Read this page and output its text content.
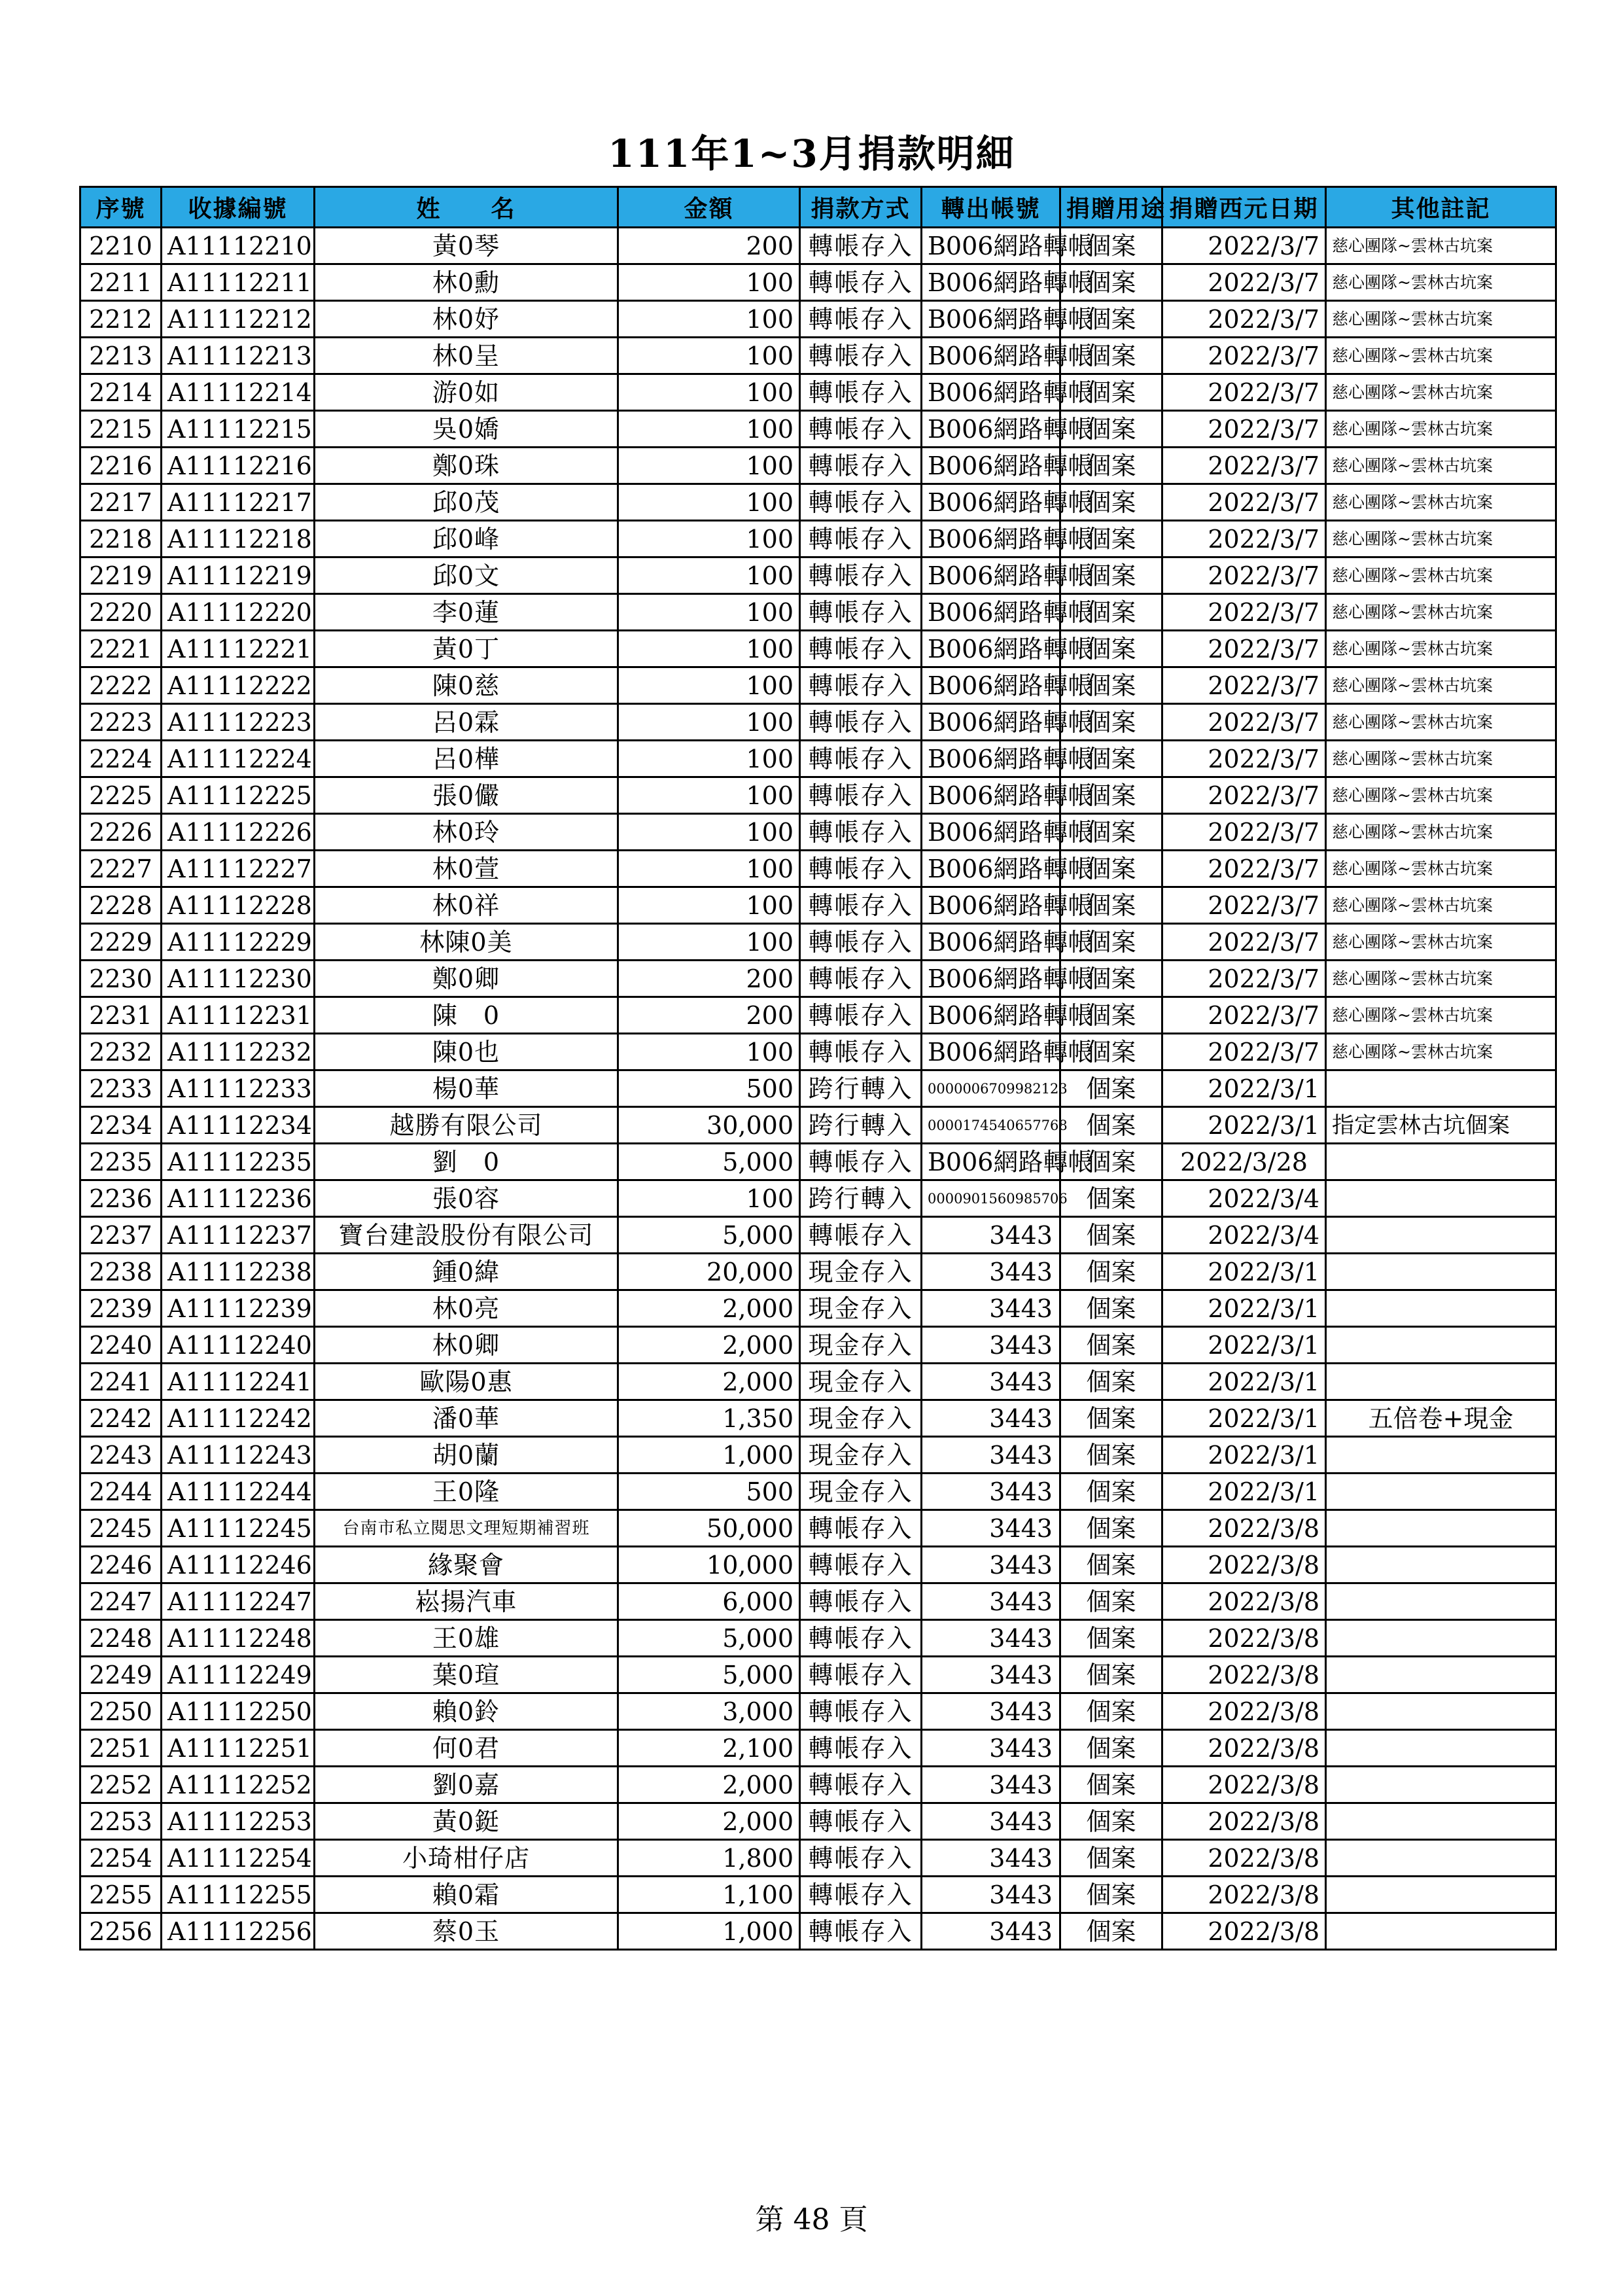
111年1~3月捐款明細
序號	收據編號	姓　　名	金額	捐款方式	轉出帳號	捐贈用途	捐贈西元日期	其他註記
2210	A11112210	黃0琴	200	轉帳存入	B006網路轉帳	個案	2022/3/7	慈心團隊~雲林古坑案
2211	A11112211	林0勳	100	轉帳存入	B006網路轉帳	個案	2022/3/7	慈心團隊~雲林古坑案
2212	A11112212	林0妤	100	轉帳存入	B006網路轉帳	個案	2022/3/7	慈心團隊~雲林古坑案
2213	A11112213	林0呈	100	轉帳存入	B006網路轉帳	個案	2022/3/7	慈心團隊~雲林古坑案
2214	A11112214	游0如	100	轉帳存入	B006網路轉帳	個案	2022/3/7	慈心團隊~雲林古坑案
2215	A11112215	吳0嬌	100	轉帳存入	B006網路轉帳	個案	2022/3/7	慈心團隊~雲林古坑案
2216	A11112216	鄭0珠	100	轉帳存入	B006網路轉帳	個案	2022/3/7	慈心團隊~雲林古坑案
2217	A11112217	邱0茂	100	轉帳存入	B006網路轉帳	個案	2022/3/7	慈心團隊~雲林古坑案
2218	A11112218	邱0峰	100	轉帳存入	B006網路轉帳	個案	2022/3/7	慈心團隊~雲林古坑案
2219	A11112219	邱0文	100	轉帳存入	B006網路轉帳	個案	2022/3/7	慈心團隊~雲林古坑案
2220	A11112220	李0蓮	100	轉帳存入	B006網路轉帳	個案	2022/3/7	慈心團隊~雲林古坑案
2221	A11112221	黃0丁	100	轉帳存入	B006網路轉帳	個案	2022/3/7	慈心團隊~雲林古坑案
2222	A11112222	陳0慈	100	轉帳存入	B006網路轉帳	個案	2022/3/7	慈心團隊~雲林古坑案
2223	A11112223	呂0霖	100	轉帳存入	B006網路轉帳	個案	2022/3/7	慈心團隊~雲林古坑案
2224	A11112224	呂0樺	100	轉帳存入	B006網路轉帳	個案	2022/3/7	慈心團隊~雲林古坑案
2225	A11112225	張0儼	100	轉帳存入	B006網路轉帳	個案	2022/3/7	慈心團隊~雲林古坑案
2226	A11112226	林0玲	100	轉帳存入	B006網路轉帳	個案	2022/3/7	慈心團隊~雲林古坑案
2227	A11112227	林0萱	100	轉帳存入	B006網路轉帳	個案	2022/3/7	慈心團隊~雲林古坑案
2228	A11112228	林0祥	100	轉帳存入	B006網路轉帳	個案	2022/3/7	慈心團隊~雲林古坑案
2229	A11112229	林陳0美	100	轉帳存入	B006網路轉帳	個案	2022/3/7	慈心團隊~雲林古坑案
2230	A11112230	鄭0卿	200	轉帳存入	B006網路轉帳	個案	2022/3/7	慈心團隊~雲林古坑案
2231	A11112231	陳　0	200	轉帳存入	B006網路轉帳	個案	2022/3/7	慈心團隊~雲林古坑案
2232	A11112232	陳0也	100	轉帳存入	B006網路轉帳	個案	2022/3/7	慈心團隊~雲林古坑案
2233	A11112233	楊0華	500	跨行轉入	0000006709982123	個案	2022/3/1	
2234	A11112234	越勝有限公司	30,000	跨行轉入	0000174540657768	個案	2022/3/1	指定雲林古坑個案
2235	A11112235	劉　0	5,000	轉帳存入	B006網路轉帳	個案	2022/3/28	
2236	A11112236	張0容	100	跨行轉入	0000901560985706	個案	2022/3/4	
2237	A11112237	寶台建設股份有限公司	5,000	轉帳存入	3443	個案	2022/3/4	
2238	A11112238	鍾0緯	20,000	現金存入	3443	個案	2022/3/1	
2239	A11112239	林0亮	2,000	現金存入	3443	個案	2022/3/1	
2240	A11112240	林0卿	2,000	現金存入	3443	個案	2022/3/1	
2241	A11112241	歐陽0惠	2,000	現金存入	3443	個案	2022/3/1	
2242	A11112242	潘0華	1,350	現金存入	3443	個案	2022/3/1	五倍卷+現金
2243	A11112243	胡0蘭	1,000	現金存入	3443	個案	2022/3/1	
2244	A11112244	王0隆	500	現金存入	3443	個案	2022/3/1	
2245	A11112245	台南市私立閱思文理短期補習班	50,000	轉帳存入	3443	個案	2022/3/8	
2246	A11112246	緣聚會	10,000	轉帳存入	3443	個案	2022/3/8	
2247	A11112247	崧揚汽車	6,000	轉帳存入	3443	個案	2022/3/8	
2248	A11112248	王0雄	5,000	轉帳存入	3443	個案	2022/3/8	
2249	A11112249	葉0瑄	5,000	轉帳存入	3443	個案	2022/3/8	
2250	A11112250	賴0鈴	3,000	轉帳存入	3443	個案	2022/3/8	
2251	A11112251	何0君	2,100	轉帳存入	3443	個案	2022/3/8	
2252	A11112252	劉0嘉	2,000	轉帳存入	3443	個案	2022/3/8	
2253	A11112253	黃0鋌	2,000	轉帳存入	3443	個案	2022/3/8	
2254	A11112254	小琦柑仔店	1,800	轉帳存入	3443	個案	2022/3/8	
2255	A11112255	賴0霜	1,100	轉帳存入	3443	個案	2022/3/8	
2256	A11112256	蔡0玉	1,000	轉帳存入	3443	個案	2022/3/8	
第 48 頁
